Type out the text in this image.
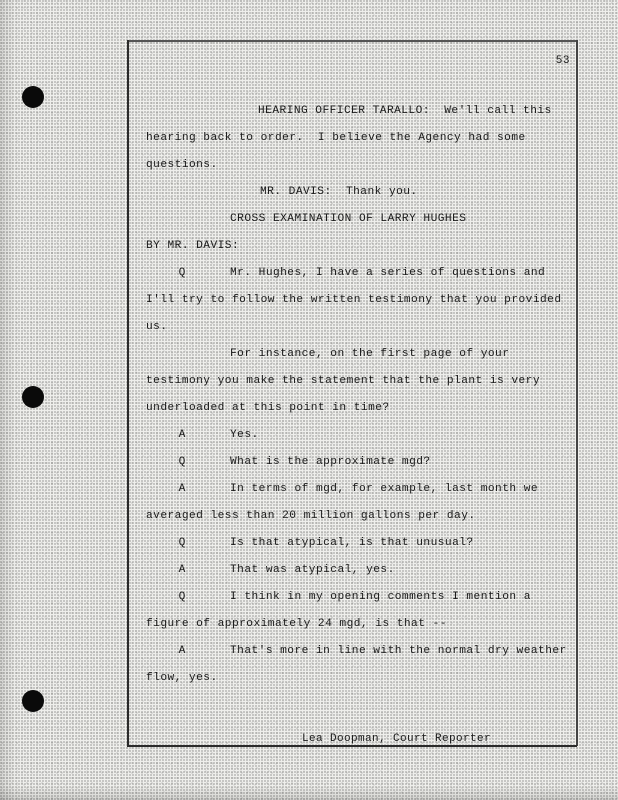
53
HEARING OFFICER TARALLO:  We'll call this
hearing back to order.  I believe the Agency had some
questions.
MR. DAVIS:  Thank you.
CROSS EXAMINATION OF LARRY HUGHES
BY MR. DAVIS:
Q	Mr. Hughes, I have a series of questions and
I'll try to follow the written testimony that you provided
us.
For instance, on the first page of your
testimony you make the statement that the plant is very
underloaded at this point in time?
A	Yes.
Q	What is the approximate mgd?
A	In terms of mgd, for example, last month we
averaged less than 20 million gallons per day.
Q	Is that atypical, is that unusual?
A	That was atypical, yes.
Q	I think in my opening comments I mention a
figure of approximately 24 mgd, is that --
A	That's more in line with the normal dry weather
flow, yes.
Lea Doopman, Court Reporter
